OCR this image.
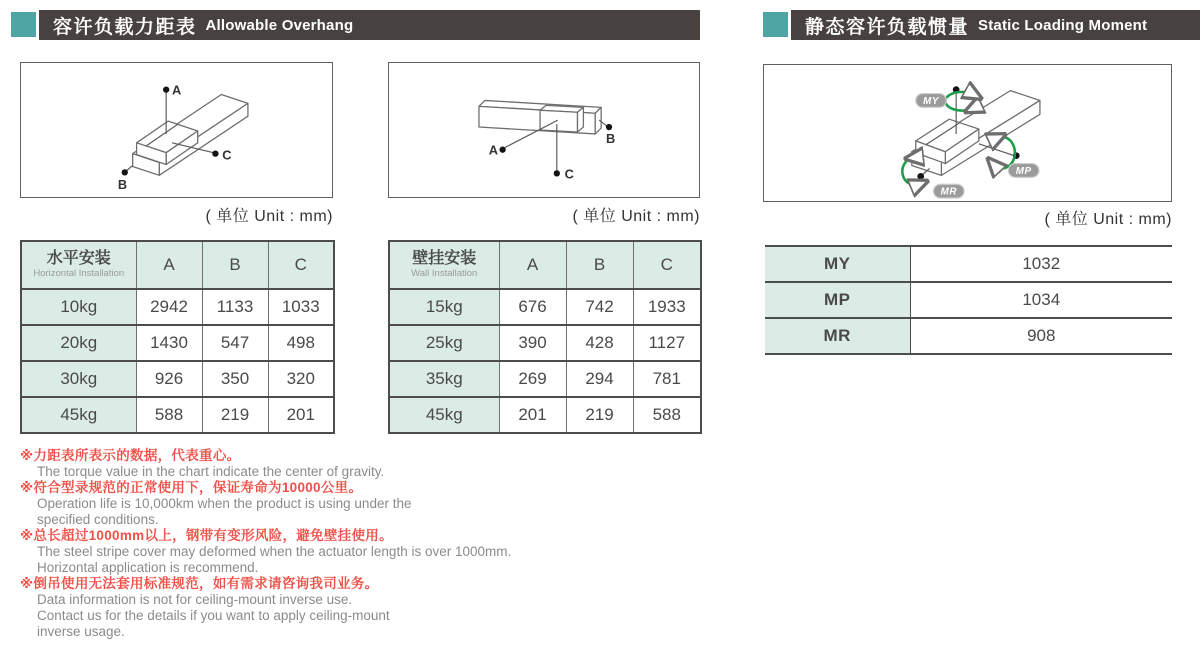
容许负载力距表 Allowable Overhang	静态容许负载惯量 Static Loading Moment
A
B
C
( 单位 Unit : mm)
A
B
C
( 单位 Unit : mm)
MY
MP
MR
( 单位 Unit : mm)
水平安装
Horizontal Installation	A	B	C
10kg	2942	1133	1033
20kg	1430	547	498
30kg	926	350	320
45kg	588	219	201
壁挂安装
Wall Installation	A	B	C
15kg	676	742	1933
25kg	390	428	1127
35kg	269	294	781
45kg	201	219	588
MY	1032
MP	1034
MR	908
※力距表所表示的数据，代表重心。
The torque value in the chart indicate the center of gravity.
※符合型录规范的正常使用下，保证寿命为10000公里。
Operation life is 10,000km when the product is using under the
specified conditions.
※总长超过1000mm以上，钢带有变形风险，避免壁挂使用。
The steel stripe cover may deformed when the actuator length is over 1000mm.
Horizontal application is recommend.
※倒吊使用无法套用标准规范，如有需求请咨询我司业务。
Data information is not for ceiling-mount inverse use.
Contact us for the details if you want to apply ceiling-mount
inverse usage.
